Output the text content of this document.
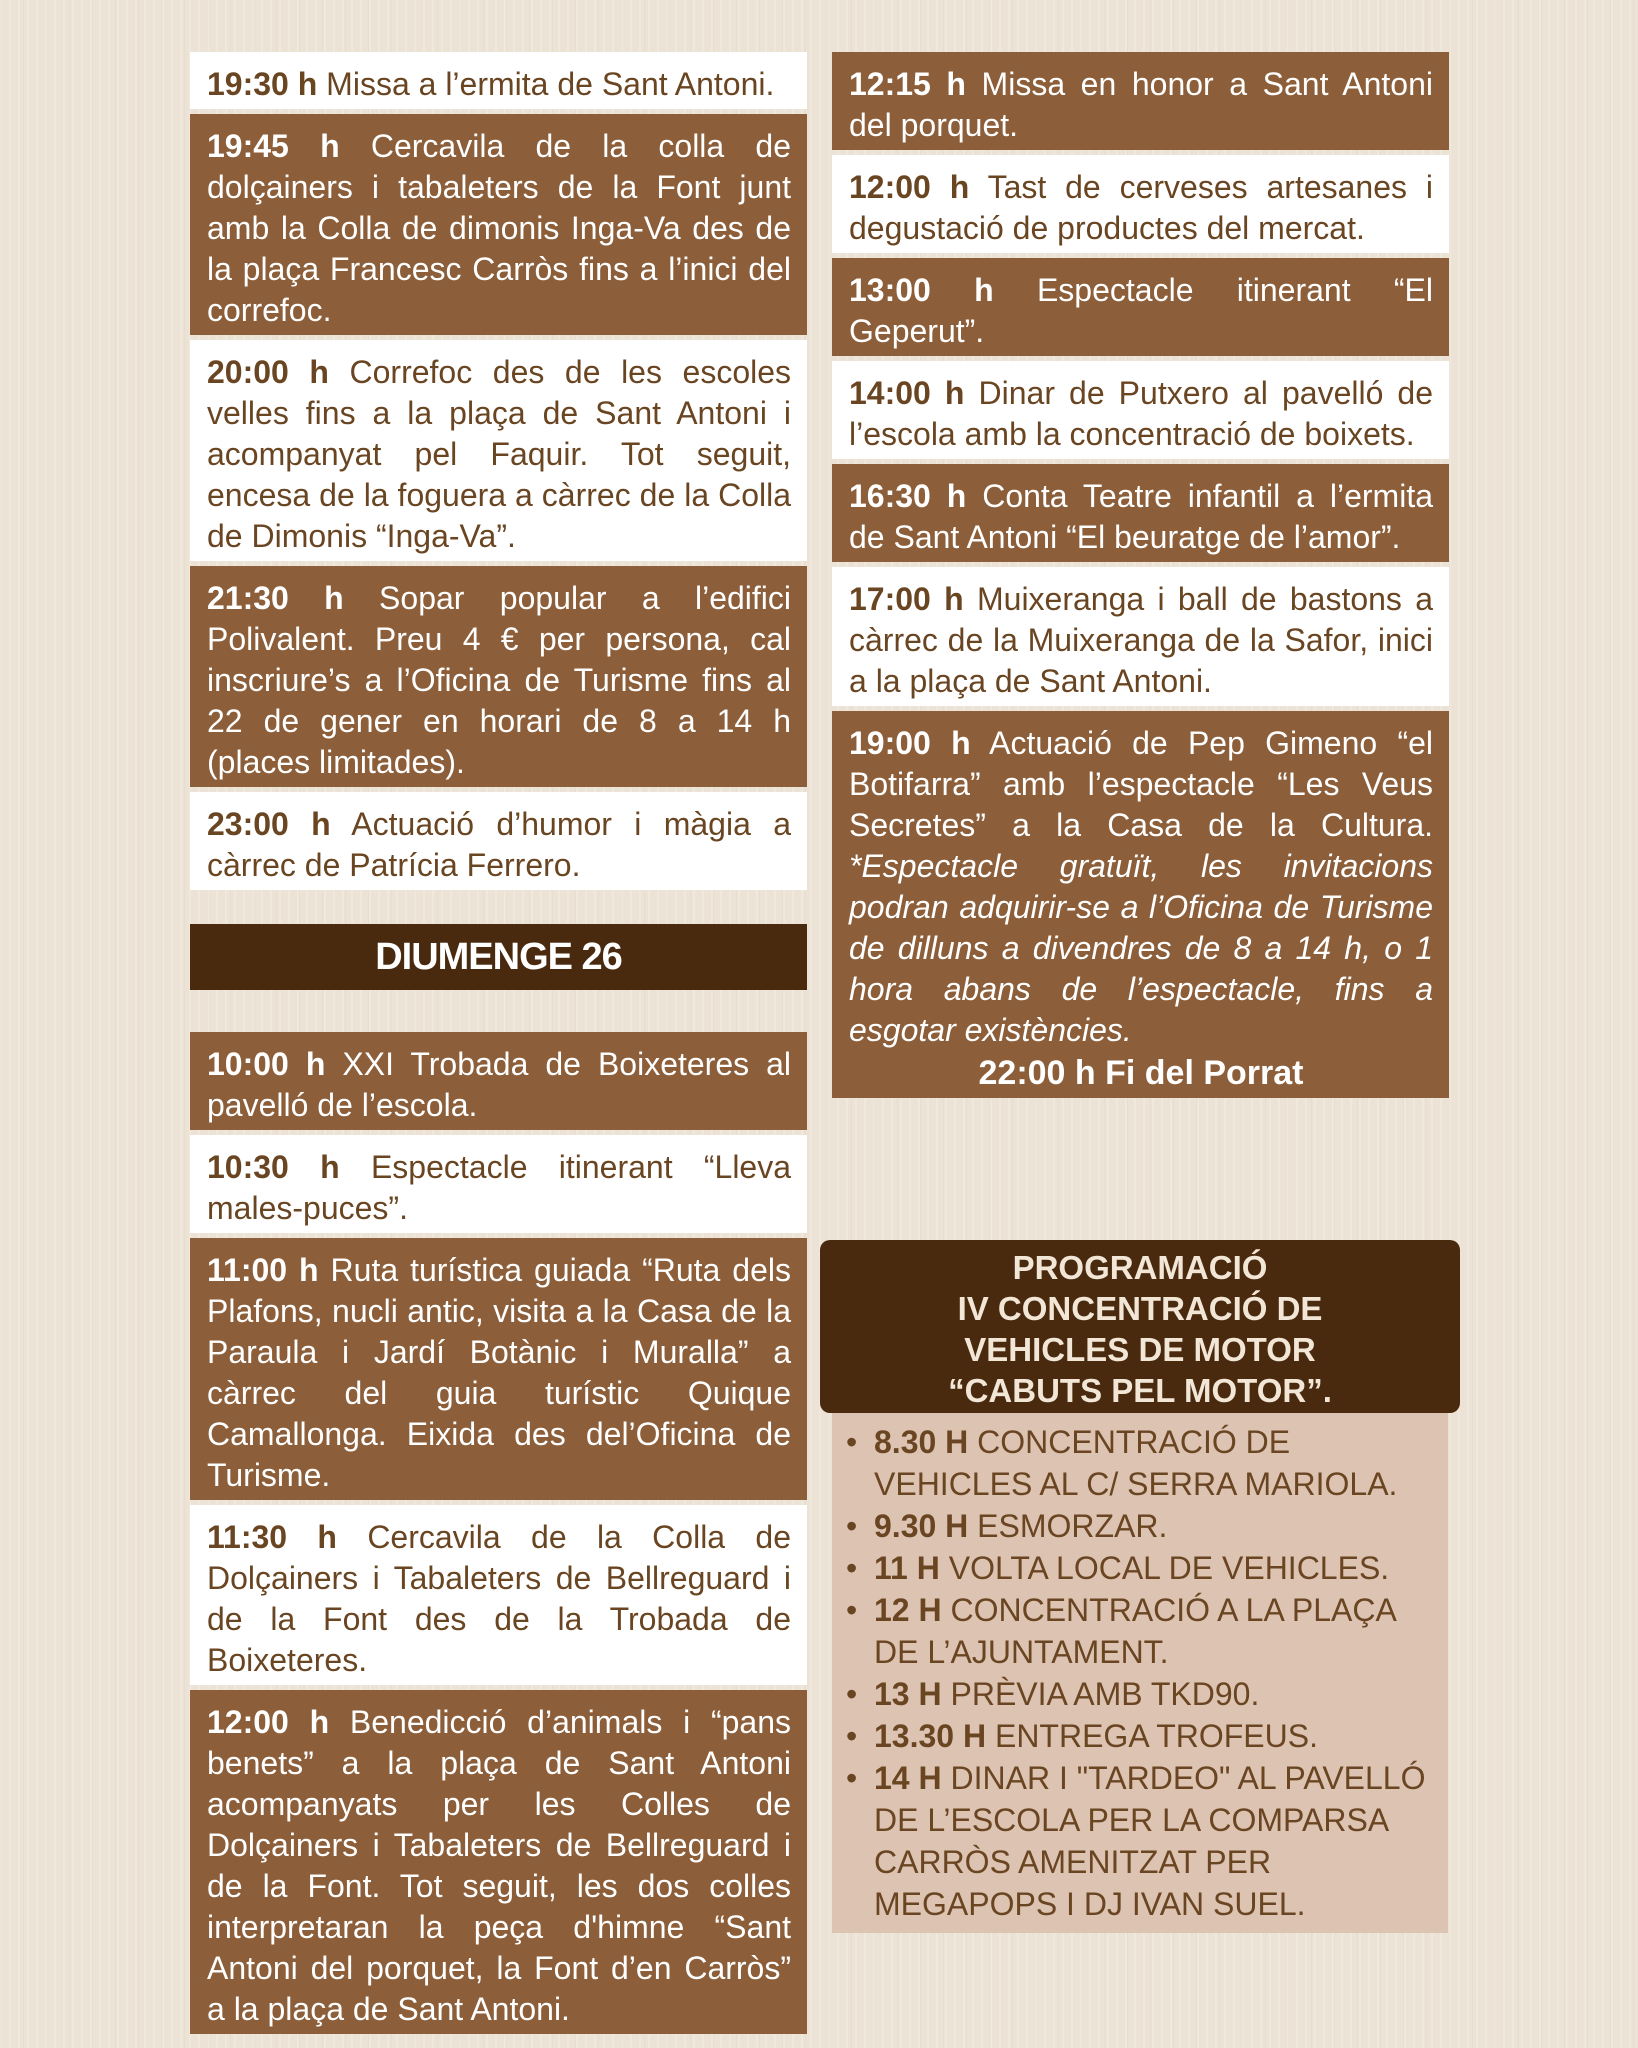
19:30 h Missa a l’ermita de Sant Antoni.
19:45 h Cercavila de la colla de dolçainers i tabaleters de la Font junt amb la Colla de dimonis Inga-Va des de la plaça Francesc Carròs fins a l’inici del correfoc.
20:00 h Correfoc des de les escoles velles fins a la plaça de Sant Antoni i acompanyat pel Faquir. Tot seguit, encesa de la foguera a càrrec de la Colla de Dimonis “Inga-Va”.
21:30 h Sopar popular a l’edifici Polivalent. Preu 4 € per persona, cal inscriure’s a l’Oficina de Turisme fins al 22 de gener en horari de 8 a 14 h (places limitades).
23:00 h Actuació d’humor i màgia a càrrec de Patrícia Ferrero.
DIUMENGE 26
10:00 h XXI Trobada de Boixeteres al pavelló de l’escola.
10:30 h Espectacle itinerant “Lleva males-puces”.
11:00 h Ruta turística guiada “Ruta dels Plafons, nucli antic, visita a la Casa de la Paraula i Jardí Botànic i Muralla” a càrrec del guia turístic Quique Camallonga. Eixida des del’Oficina de Turisme.
11:30 h Cercavila de la Colla de Dolçainers i Tabaleters de Bellreguard i de la Font des de la Trobada de Boixeteres.
12:00 h Benedicció d’animals i “pans benets” a la plaça de Sant Antoni acompanyats per les Colles de Dolçainers i Tabaleters de Bellreguard i de la Font. Tot seguit, les dos colles interpretaran la peça d'himne “Sant Antoni del porquet, la Font d’en Carròs” a la plaça de Sant Antoni.
12:15 h Missa en honor a Sant Antoni del porquet.
12:00 h Tast de cerveses artesanes i degustació de productes del mercat.
13:00 h Espectacle itinerant “El Geperut”.
14:00 h Dinar de Putxero al pavelló de l’escola amb la concentració de boixets.
16:30 h Conta Teatre infantil a l’ermita de Sant Antoni “El beuratge de l’amor”.
17:00 h Muixeranga i ball de bastons a càrrec de la Muixeranga de la Safor, inici a la plaça de Sant Antoni.
19:00 h Actuació de Pep Gimeno “el Botifarra” amb l’espectacle “Les Veus Secretes” a la Casa de la Cultura. *Espectacle gratuït, les invitacions podran adquirir-se a l’Oficina de Turisme de dilluns a divendres de 8 a 14 h, o 1 hora abans de l’espectacle, fins a esgotar existències.
22:00 h Fi del Porrat
PROGRAMACIÓ
IV CONCENTRACIÓ DE
VEHICLES DE MOTOR
“CABUTS PEL MOTOR”.
• 8.30 H CONCENTRACIÓ DE VEHICLES AL C/ SERRA MARIOLA.
• 9.30 H ESMORZAR.
• 11 H VOLTA LOCAL DE VEHICLES.
• 12 H CONCENTRACIÓ A LA PLAÇA DE L’AJUNTAMENT.
• 13 H PRÈVIA AMB TKD90.
• 13.30 H ENTREGA TROFEUS.
• 14 H DINAR I "TARDEO" AL PAVELLÓ DE L’ESCOLA PER LA COMPARSA CARRÒS AMENITZAT PER MEGAPOPS I DJ IVAN SUEL.
